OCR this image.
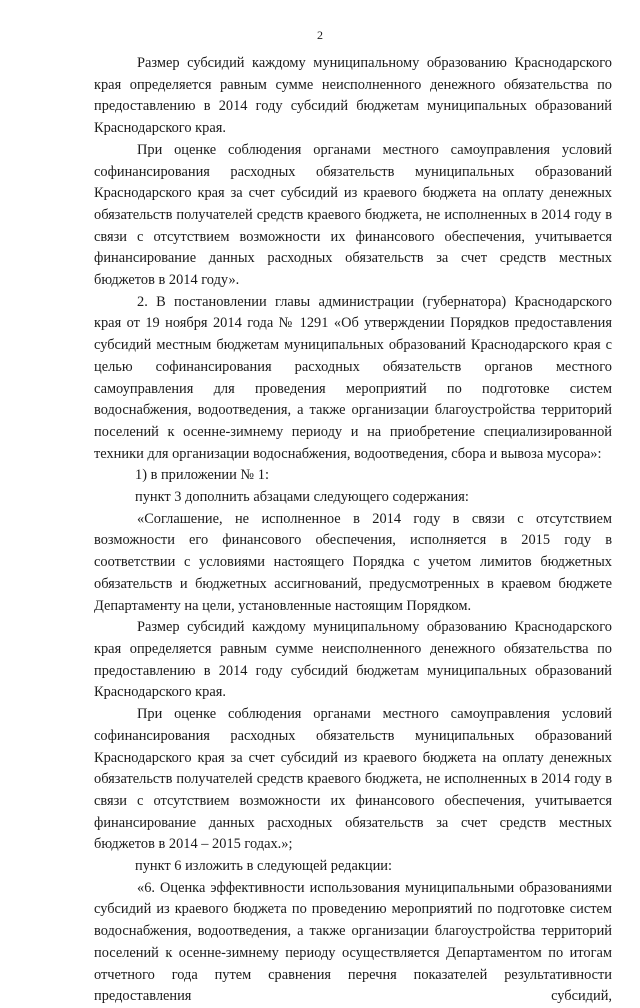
2

Размер субсидий каждому муниципальному образованию Краснодарского края определяется равным сумме неисполненного денежного обязательства по предоставлению в 2014 году субсидий бюджетам муниципальных образований Краснодарского края.

При оценке соблюдения органами местного самоуправления условий софинансирования расходных обязательств муниципальных образований Краснодарского края за счет субсидий из краевого бюджета на оплату денежных обязательств получателей средств краевого бюджета, не исполненных в 2014 году в связи с отсутствием возможности их финансового обеспечения, учитывается финансирование данных расходных обязательств за счет средств местных бюджетов в 2014 году».

2. В постановлении главы администрации (губернатора) Краснодарского края от 19 ноября 2014 года № 1291 «Об утверждении Порядков предоставления субсидий местным бюджетам муниципальных образований Краснодарского края с целью софинансирования расходных обязательств органов местного самоуправления для проведения мероприятий по подготовке систем водоснабжения, водоотведения, а также организации благоустройства территорий поселений к осенне-зимнему периоду и на приобретение специализированной техники для организации водоснабжения, водоотведения, сбора и вывоза мусора»:

1) в приложении № 1:

пункт 3 дополнить абзацами следующего содержания:

«Соглашение, не исполненное в 2014 году в связи с отсутствием возможности его финансового обеспечения, исполняется в 2015 году в соответствии с условиями настоящего Порядка с учетом лимитов бюджетных обязательств и бюджетных ассигнований, предусмотренных в краевом бюджете Департаменту на цели, установленные настоящим Порядком.

Размер субсидий каждому муниципальному образованию Краснодарского края определяется равным сумме неисполненного денежного обязательства по предоставлению в 2014 году субсидий бюджетам муниципальных образований Краснодарского края.

При оценке соблюдения органами местного самоуправления условий софинансирования расходных обязательств муниципальных образований Краснодарского края за счет субсидий из краевого бюджета на оплату денежных обязательств получателей средств краевого бюджета, не исполненных в 2014 году в связи с отсутствием возможности их финансового обеспечения, учитывается финансирование данных расходных обязательств за счет средств местных бюджетов в 2014 – 2015 годах.»;

пункт 6 изложить в следующей редакции:

«6. Оценка эффективности использования муниципальными образованиями субсидий из краевого бюджета по проведению мероприятий по подготовке систем водоснабжения, водоотведения, а также организации благоустройства территорий поселений к осенне-зимнему периоду осуществляется Департаментом по итогам отчетного года путем сравнения перечня показателей результативности предоставления субсидий,
